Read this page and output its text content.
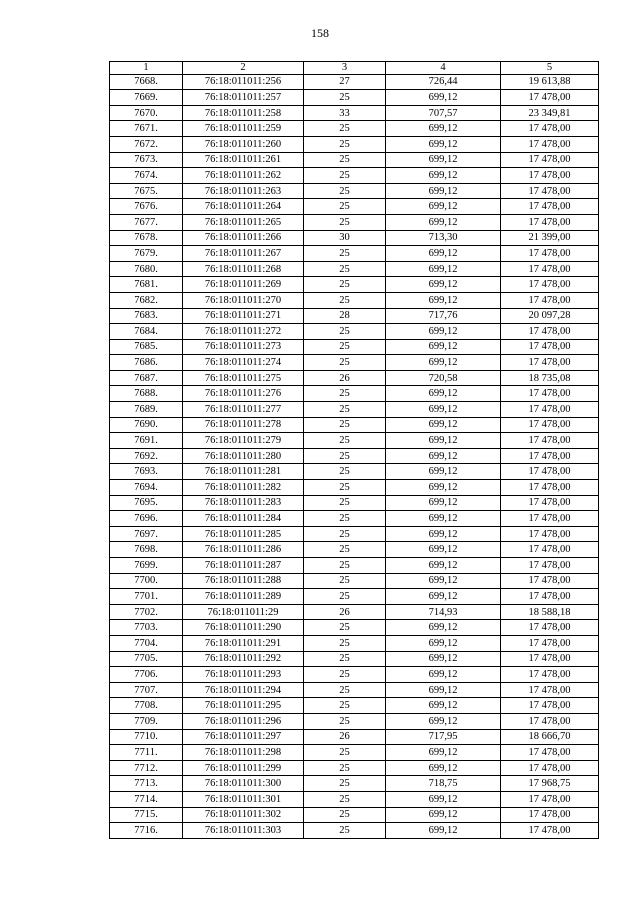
158
1	2	3	4	5
7668.	76:18:011011:256	27	726,44	19 613,88
7669.	76:18:011011:257	25	699,12	17 478,00
7670.	76:18:011011:258	33	707,57	23 349,81
7671.	76:18:011011:259	25	699,12	17 478,00
7672.	76:18:011011:260	25	699,12	17 478,00
7673.	76:18:011011:261	25	699,12	17 478,00
7674.	76:18:011011:262	25	699,12	17 478,00
7675.	76:18:011011:263	25	699,12	17 478,00
7676.	76:18:011011:264	25	699,12	17 478,00
7677.	76:18:011011:265	25	699,12	17 478,00
7678.	76:18:011011:266	30	713,30	21 399,00
7679.	76:18:011011:267	25	699,12	17 478,00
7680.	76:18:011011:268	25	699,12	17 478,00
7681.	76:18:011011:269	25	699,12	17 478,00
7682.	76:18:011011:270	25	699,12	17 478,00
7683.	76:18:011011:271	28	717,76	20 097,28
7684.	76:18:011011:272	25	699,12	17 478,00
7685.	76:18:011011:273	25	699,12	17 478,00
7686.	76:18:011011:274	25	699,12	17 478,00
7687.	76:18:011011:275	26	720,58	18 735,08
7688.	76:18:011011:276	25	699,12	17 478,00
7689.	76:18:011011:277	25	699,12	17 478,00
7690.	76:18:011011:278	25	699,12	17 478,00
7691.	76:18:011011:279	25	699,12	17 478,00
7692.	76:18:011011:280	25	699,12	17 478,00
7693.	76:18:011011:281	25	699,12	17 478,00
7694.	76:18:011011:282	25	699,12	17 478,00
7695.	76:18:011011:283	25	699,12	17 478,00
7696.	76:18:011011:284	25	699,12	17 478,00
7697.	76:18:011011:285	25	699,12	17 478,00
7698.	76:18:011011:286	25	699,12	17 478,00
7699.	76:18:011011:287	25	699,12	17 478,00
7700.	76:18:011011:288	25	699,12	17 478,00
7701.	76:18:011011:289	25	699,12	17 478,00
7702.	76:18:011011:29	26	714,93	18 588,18
7703.	76:18:011011:290	25	699,12	17 478,00
7704.	76:18:011011:291	25	699,12	17 478,00
7705.	76:18:011011:292	25	699,12	17 478,00
7706.	76:18:011011:293	25	699,12	17 478,00
7707.	76:18:011011:294	25	699,12	17 478,00
7708.	76:18:011011:295	25	699,12	17 478,00
7709.	76:18:011011:296	25	699,12	17 478,00
7710.	76:18:011011:297	26	717,95	18 666,70
7711.	76:18:011011:298	25	699,12	17 478,00
7712.	76:18:011011:299	25	699,12	17 478,00
7713.	76:18:011011:300	25	718,75	17 968,75
7714.	76:18:011011:301	25	699,12	17 478,00
7715.	76:18:011011:302	25	699,12	17 478,00
7716.	76:18:011011:303	25	699,12	17 478,00
